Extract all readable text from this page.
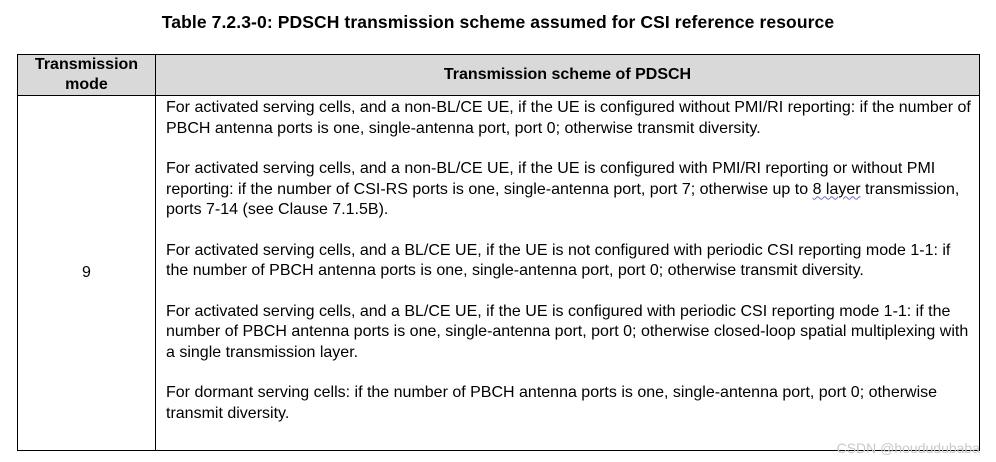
Table 7.2.3-0: PDSCH transmission scheme assumed for CSI reference resource
Transmission
mode	Transmission scheme of PDSCH
9	For activated serving cells, and a non-BL/CE UE, if the UE is configured without PMI/RI reporting: if the number of PBCH antenna ports is one, single-antenna port, port 0; otherwise transmit diversity.

For activated serving cells, and a non-BL/CE UE, if the UE is configured with PMI/RI reporting or without PMI reporting: if the number of CSI-RS ports is one, single-antenna port, port 7; otherwise up to 8 layer transmission, ports 7-14 (see Clause 7.1.5B).

For activated serving cells, and a BL/CE UE, if the UE is not configured with periodic CSI reporting mode 1-1: if the number of PBCH antenna ports is one, single-antenna port, port 0; otherwise transmit diversity.

For activated serving cells, and a BL/CE UE, if the UE is configured with periodic CSI reporting mode 1-1: if the number of PBCH antenna ports is one, single-antenna port, port 0; otherwise closed-loop spatial multiplexing with a single transmission layer.

For dormant serving cells: if the number of PBCH antenna ports is one, single-antenna port, port 0; otherwise transmit diversity.

CSDN @hoududubaba
